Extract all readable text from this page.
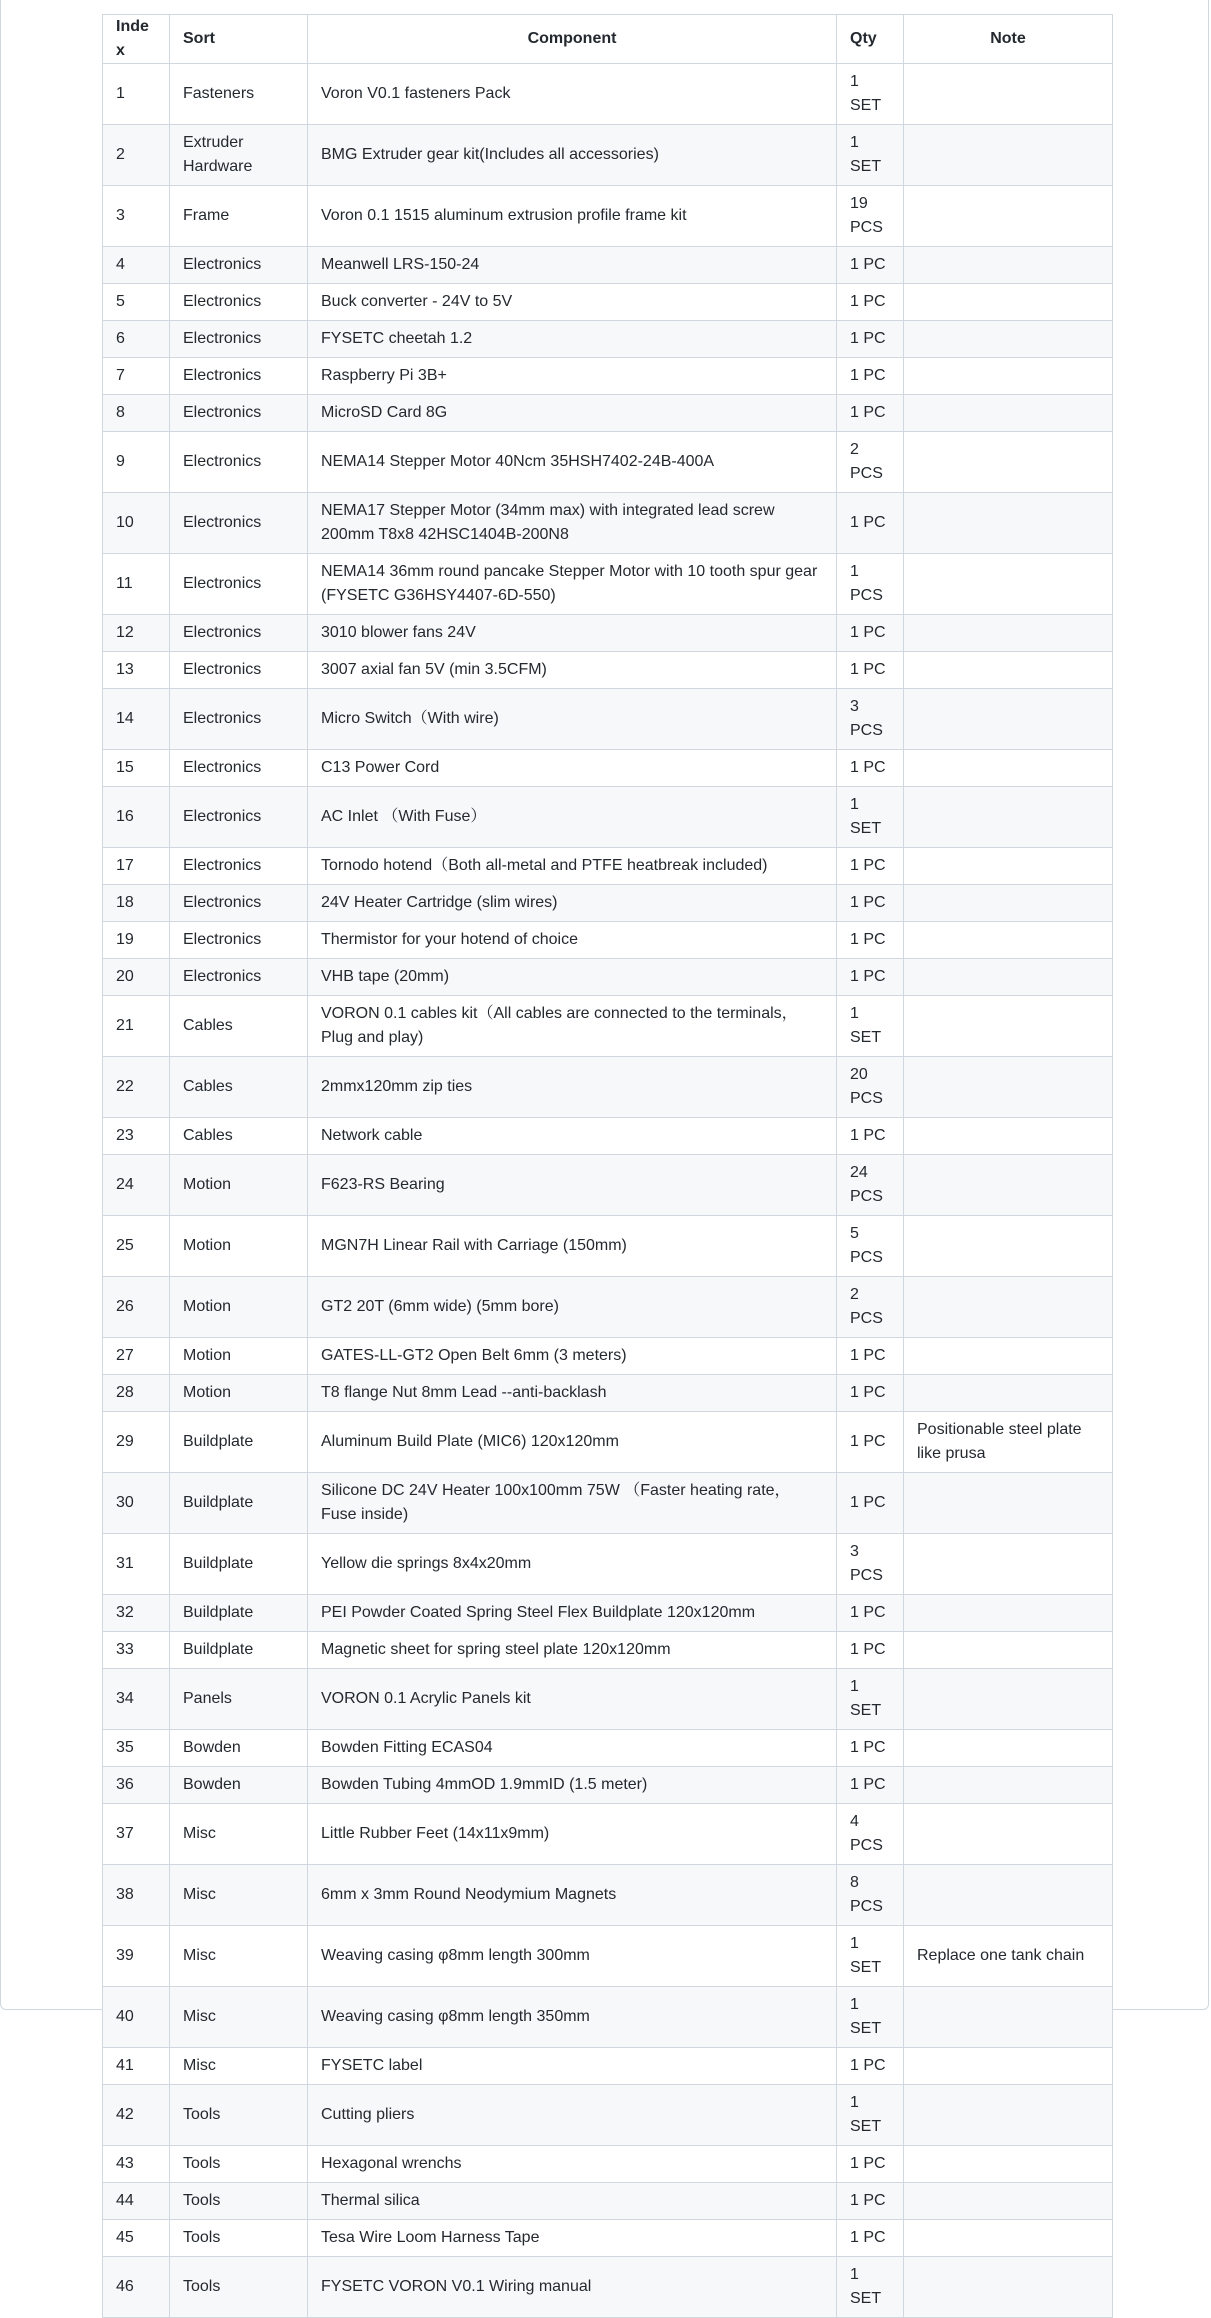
Index	Sort	Component	Qty	Note
1	Fasteners	Voron V0.1 fasteners Pack	1 SET	
2	Extruder Hardware	BMG Extruder gear kit(Includes all accessories)	1 SET	
3	Frame	Voron 0.1 1515 aluminum extrusion profile frame kit	19 PCS	
4	Electronics	Meanwell LRS-150-24	1 PC	
5	Electronics	Buck converter - 24V to 5V	1 PC	
6	Electronics	FYSETC cheetah 1.2	1 PC	
7	Electronics	Raspberry Pi 3B+	1 PC	
8	Electronics	MicroSD Card 8G	1 PC	
9	Electronics	NEMA14 Stepper Motor 40Ncm 35HSH7402-24B-400A	2 PCS	
10	Electronics	NEMA17 Stepper Motor (34mm max) with integrated lead screw 200mm T8x8 42HSC1404B-200N8	1 PC	
11	Electronics	NEMA14 36mm round pancake Stepper Motor with 10 tooth spur gear (FYSETC G36HSY4407-6D-550)	1 PCS	
12	Electronics	3010 blower fans 24V	1 PC	
13	Electronics	3007 axial fan 5V (min 3.5CFM)	1 PC	
14	Electronics	Micro Switch（With wire)	3 PCS	
15	Electronics	C13 Power Cord	1 PC	
16	Electronics	AC Inlet （With Fuse）	1 SET	
17	Electronics	Tornodo hotend（Both all-metal and PTFE heatbreak included)	1 PC	
18	Electronics	24V Heater Cartridge (slim wires)	1 PC	
19	Electronics	Thermistor for your hotend of choice	1 PC	
20	Electronics	VHB tape (20mm)	1 PC	
21	Cables	VORON 0.1 cables kit（All cables are connected to the terminals，Plug and play)	1 SET	
22	Cables	2mmx120mm zip ties	20 PCS	
23	Cables	Network cable	1 PC	
24	Motion	F623-RS Bearing	24 PCS	
25	Motion	MGN7H Linear Rail with Carriage (150mm)	5 PCS	
26	Motion	GT2 20T (6mm wide) (5mm bore)	2 PCS	
27	Motion	GATES-LL-GT2 Open Belt 6mm (3 meters)	1 PC	
28	Motion	T8 flange Nut 8mm Lead --anti-backlash	1 PC	
29	Buildplate	Aluminum Build Plate (MIC6) 120x120mm	1 PC	Positionable steel plate like prusa
30	Buildplate	Silicone DC 24V Heater 100x100mm 75W （Faster heating rate，Fuse inside)	1 PC	
31	Buildplate	Yellow die springs 8x4x20mm	3 PCS	
32	Buildplate	PEI Powder Coated Spring Steel Flex Buildplate 120x120mm	1 PC	
33	Buildplate	Magnetic sheet for spring steel plate 120x120mm	1 PC	
34	Panels	VORON 0.1 Acrylic Panels kit	1 SET	
35	Bowden	Bowden Fitting ECAS04	1 PC	
36	Bowden	Bowden Tubing 4mmOD 1.9mmID (1.5 meter)	1 PC	
37	Misc	Little Rubber Feet (14x11x9mm)	4 PCS	
38	Misc	6mm x 3mm Round Neodymium Magnets	8 PCS	
39	Misc	Weaving casing φ8mm length 300mm	1 SET	Replace one tank chain
40	Misc	Weaving casing φ8mm length 350mm	1 SET	
41	Misc	FYSETC label	1 PC	
42	Tools	Cutting pliers	1 SET	
43	Tools	Hexagonal wrenchs	1 PC	
44	Tools	Thermal silica	1 PC	
45	Tools	Tesa Wire Loom Harness Tape	1 PC	
46	Tools	FYSETC VORON V0.1 Wiring manual	1 SET	
